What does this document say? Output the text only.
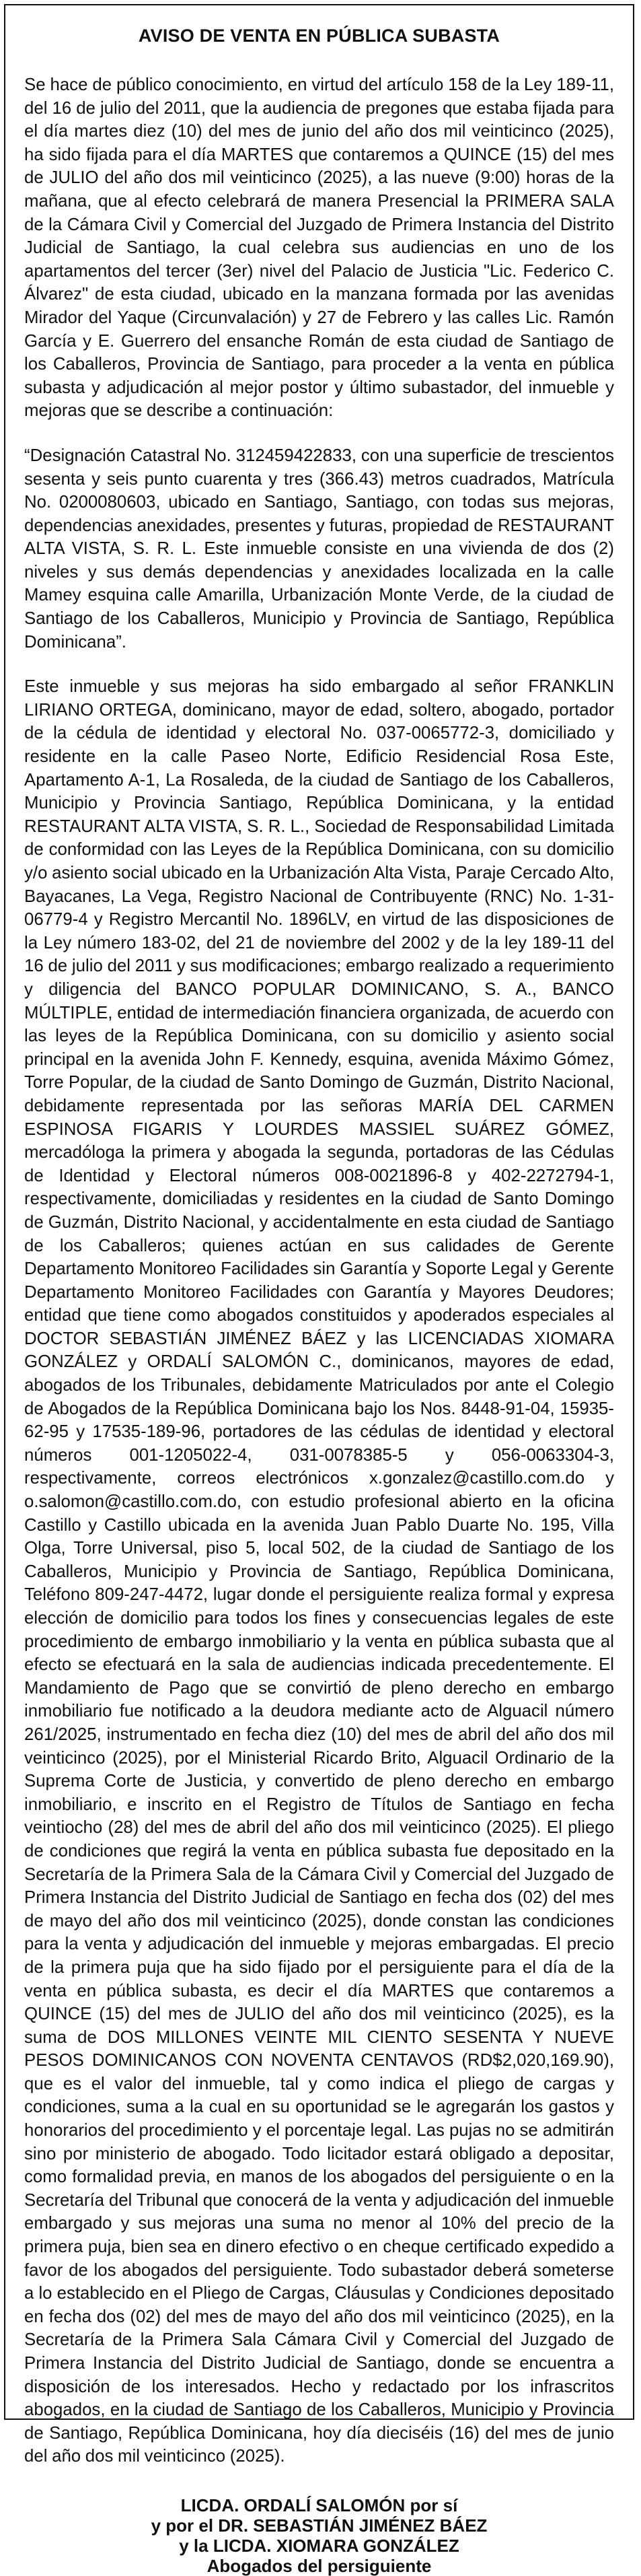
AVISO DE VENTA EN PÚBLICA SUBASTA

Se hace de público conocimiento, en virtud del artículo 158 de la Ley 189-11, del 16 de julio del 2011, que la audiencia de pregones que estaba fijada para el día martes diez (10) del mes de junio del año dos mil veinticinco (2025), ha sido fijada para el día MARTES que contaremos a QUINCE (15) del mes de JULIO del año dos mil veinticinco (2025), a las nueve (9:00) horas de la mañana, que al efecto celebrará de manera Presencial la PRIMERA SALA de la Cámara Civil y Comercial del Juzgado de Primera Instancia del Distrito Judicial de Santiago, la cual celebra sus audiencias en uno de los apartamentos del tercer (3er) nivel del Palacio de Justicia "Lic. Federico C. Álvarez" de esta ciudad, ubicado en la manzana formada por las avenidas Mirador del Yaque (Circunvalación) y 27 de Febrero y las calles Lic. Ramón García y E. Guerrero del ensanche Román de esta ciudad de Santiago de los Caballeros, Provincia de Santiago, para proceder a la venta en pública subasta y adjudicación al mejor postor y último subastador, del inmueble y mejoras que se describe a continuación:

“Designación Catastral No. 312459422833, con una superficie de trescientos sesenta y seis punto cuarenta y tres (366.43) metros cuadrados, Matrícula No. 0200080603, ubicado en Santiago, Santiago, con todas sus mejoras, dependencias anexidades, presentes y futuras, propiedad de RESTAURANT ALTA VISTA, S. R. L. Este inmueble consiste en una vivienda de dos (2) niveles y sus demás dependencias y anexidades localizada en la calle Mamey esquina calle Amarilla, Urbanización Monte Verde, de la ciudad de Santiago de los Caballeros, Municipio y Provincia de Santiago, República Dominicana”.

Este inmueble y sus mejoras ha sido embargado al señor FRANKLIN LIRIANO ORTEGA, dominicano, mayor de edad, soltero, abogado, portador de la cédula de identidad y electoral No. 037-0065772-3, domiciliado y residente en la calle Paseo Norte, Edificio Residencial Rosa Este, Apartamento A-1, La Rosaleda, de la ciudad de Santiago de los Caballeros, Municipio y Provincia Santiago, República Dominicana, y la entidad RESTAURANT ALTA VISTA, S. R. L., Sociedad de Responsabilidad Limitada de conformidad con las Leyes de la República Dominicana, con su domicilio y/o asiento social ubicado en la Urbanización Alta Vista, Paraje Cercado Alto, Bayacanes, La Vega, Registro Nacional de Contribuyente (RNC) No. 1-31-06779-4 y Registro Mercantil No. 1896LV, en virtud de las disposiciones de la Ley número 183-02, del 21 de noviembre del 2002 y de la ley 189-11 del 16 de julio del 2011 y sus modificaciones; embargo realizado a requerimiento y diligencia del BANCO POPULAR DOMINICANO, S. A., BANCO MÚLTIPLE, entidad de intermediación financiera organizada, de acuerdo con las leyes de la República Dominicana, con su domicilio y asiento social principal en la avenida John F. Kennedy, esquina, avenida Máximo Gómez, Torre Popular, de la ciudad de Santo Domingo de Guzmán, Distrito Nacional, debidamente representada por las señoras MARÍA DEL CARMEN ESPINOSA FIGARIS Y LOURDES MASSIEL SUÁREZ GÓMEZ, mercadóloga la primera y abogada la segunda, portadoras de las Cédulas de Identidad y Electoral números 008-0021896-8 y 402-2272794-1, respectivamente, domiciliadas y residentes en la ciudad de Santo Domingo de Guzmán, Distrito Nacional, y accidentalmente en esta ciudad de Santiago de los Caballeros; quienes actúan en sus calidades de Gerente Departamento Monitoreo Facilidades sin Garantía y Soporte Legal y Gerente Departamento Monitoreo Facilidades con Garantía y Mayores Deudores; entidad que tiene como abogados constituidos y apoderados especiales al DOCTOR SEBASTIÁN JIMÉNEZ BÁEZ y las LICENCIADAS XIOMARA GONZÁLEZ y ORDALÍ SALOMÓN C., dominicanos, mayores de edad, abogados de los Tribunales, debidamente Matriculados por ante el Colegio de Abogados de la República Dominicana bajo los Nos. 8448-91-04, 15935-62-95 y 17535-189-96, portadores de las cédulas de identidad y electoral números 001-1205022-4, 031-0078385-5 y 056-0063304-3, respectivamente, correos electrónicos x.gonzalez@castillo.com.do y o.salomon@castillo.com.do, con estudio profesional abierto en la oficina Castillo y Castillo ubicada en la avenida Juan Pablo Duarte No. 195, Villa Olga, Torre Universal, piso 5, local 502, de la ciudad de Santiago de los Caballeros, Municipio y Provincia de Santiago, República Dominicana, Teléfono 809-247-4472, lugar donde el persiguiente realiza formal y expresa elección de domicilio para todos los fines y consecuencias legales de este procedimiento de embargo inmobiliario y la venta en pública subasta que al efecto se efectuará en la sala de audiencias indicada precedentemente. El Mandamiento de Pago que se convirtió de pleno derecho en embargo inmobiliario fue notificado a la deudora mediante acto de Alguacil número 261/2025, instrumentado en fecha diez (10) del mes de abril del año dos mil veinticinco (2025), por el Ministerial Ricardo Brito, Alguacil Ordinario de la Suprema Corte de Justicia, y convertido de pleno derecho en embargo inmobiliario, e inscrito en el Registro de Títulos de Santiago en fecha veintiocho (28) del mes de abril del año dos mil veinticinco (2025). El pliego de condiciones que regirá la venta en pública subasta fue depositado en la Secretaría de la Primera Sala de la Cámara Civil y Comercial del Juzgado de Primera Instancia del Distrito Judicial de Santiago en fecha dos (02) del mes de mayo del año dos mil veinticinco (2025), donde constan las condiciones para la venta y adjudicación del inmueble y mejoras embargadas. El precio de la primera puja que ha sido fijado por el persiguiente para el día de la venta en pública subasta, es decir el día MARTES que contaremos a QUINCE (15) del mes de JULIO del año dos mil veinticinco (2025), es la suma de DOS MILLONES VEINTE MIL CIENTO SESENTA Y NUEVE PESOS DOMINICANOS CON NOVENTA CENTAVOS (RD$2,020,169.90), que es el valor del inmueble, tal y como indica el pliego de cargas y condiciones, suma a la cual en su oportunidad se le agregarán los gastos y honorarios del procedimiento y el porcentaje legal. Las pujas no se admitirán sino por ministerio de abogado. Todo licitador estará obligado a depositar, como formalidad previa, en manos de los abogados del persiguiente o en la Secretaría del Tribunal que conocerá de la venta y adjudicación del inmueble embargado y sus mejoras una suma no menor al 10% del precio de la primera puja, bien sea en dinero efectivo o en cheque certificado expedido a favor de los abogados del persiguiente. Todo subastador deberá someterse a lo establecido en el Pliego de Cargas, Cláusulas y Condiciones depositado en fecha dos (02) del mes de mayo del año dos mil veinticinco (2025), en la Secretaría de la Primera Sala Cámara Civil y Comercial del Juzgado de Primera Instancia del Distrito Judicial de Santiago, donde se encuentra a disposición de los interesados. Hecho y redactado por los infrascritos abogados, en la ciudad de Santiago de los Caballeros, Municipio y Provincia de Santiago, República Dominicana, hoy día dieciséis (16) del mes de junio del año dos mil veinticinco (2025).

LICDA. ORDALÍ SALOMÓN por sí
y por el DR. SEBASTIÁN JIMÉNEZ BÁEZ
y la LICDA. XIOMARA GONZÁLEZ
Abogados del persiguiente
